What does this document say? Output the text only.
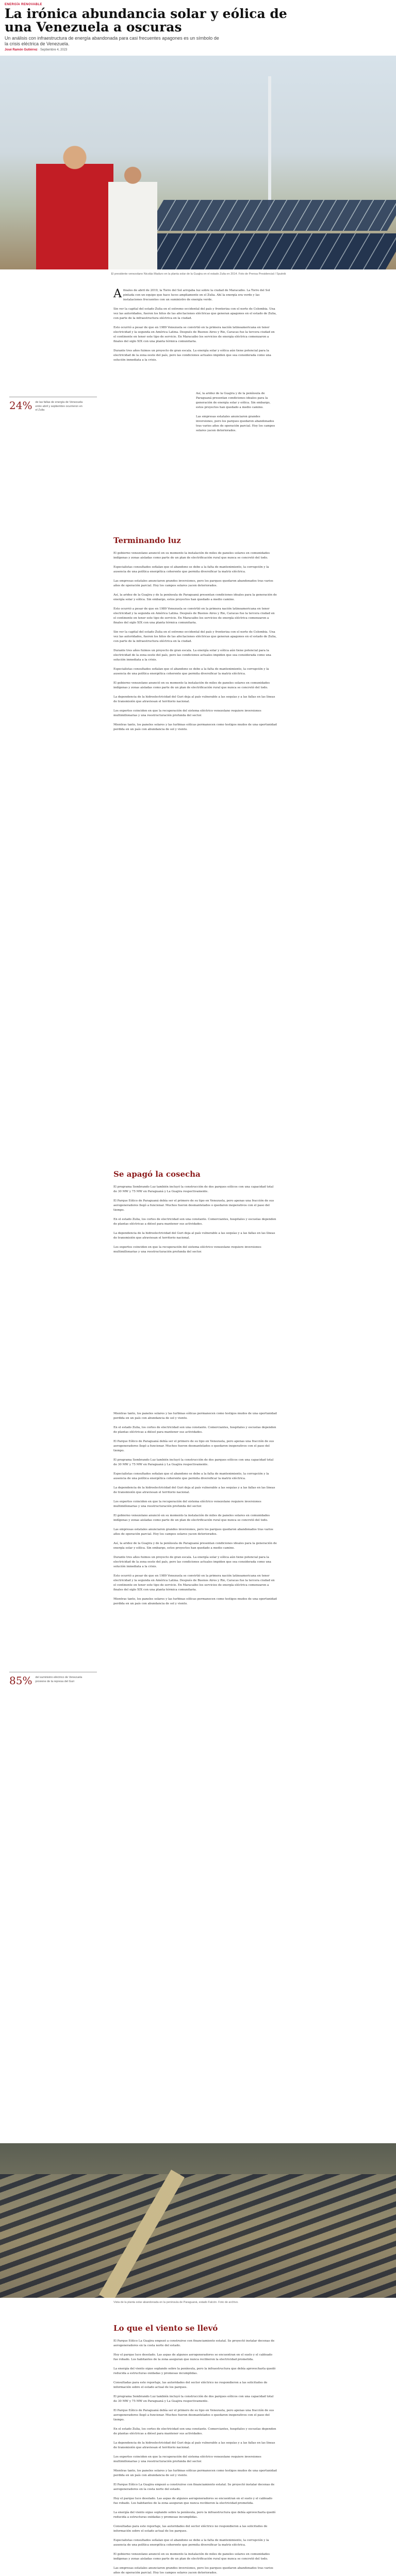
ENERGÍA RENOVABLE
La irónica abundancia solar y eólica de una Venezuela a oscuras
Un análisis con infraestructura de energía abandonada para casi frecuentes apagones es un símbolo de la crisis eléctrica de Venezuela.
José Ramón Gutiérrez · Septiembre 4, 2023
El presidente venezolano Nicolás Maduro en la planta solar de la Guajira en el estado Zulia en 2014. Foto de Prensa Presidencial / Sputnik

Afinales de abril de 2019, la Torre del Sol arrojaba luz sobre la ciudad de Maracaibo. La Torre del Sol pintada con un equipo que hace luces ampliamente en el Zulia. Ahí la energía era verde y las instalaciones frecuentes con un suministro de energía verde.

Sin ver la capital del estado Zulia en el extremo occidental del país y fronteriza con el norte de Colombia. Una vez las autoridades, fueron los hitos de las afectaciones eléctricas que generan apagones en el estado de Zulia, con parte de la infraestructura eléctrica en la ciudad.

Esto ocurrió a pesar de que en 1989 Venezuela se convirtió en la primera nación latinoamericana en tener electricidad y la segunda en América Latina. Después de Buenos Aires y Rio, Caracas fue la tercera ciudad en el continente en tener este tipo de servicio. En Maracaibo los servicios de energía eléctrica comenzaron a finales del siglo XIX con una planta térmica comunitaria.

Durante tres años fuimos un proyecto de gran escala. La energía solar y eólica aún tiene potencial para la electricidad de la zona oeste del país, pero las condiciones actuales impiden que sea considerada como una solución inmediata a la crisis.

24% de las fallas de energía de Venezuela entre abril y septiembre ocurrieron en el Zulia

Así, la aridez de la Guajira y de la península de Paraguaná presentan condiciones ideales para la generación de energía solar y eólica. Sin embargo, estos proyectos han quedado a medio camino.

Las empresas estatales anunciaron grandes inversiones, pero los parques quedaron abandonados tras varios años de operación parcial. Hoy los campos solares yacen deteriorados.

Terminando luz

El gobierno venezolano anunció en su momento la instalación de miles de paneles solares en comunidades indígenas y zonas aisladas como parte de un plan de electrificación rural que nunca se concretó del todo.

Especialistas consultados señalan que el abandono se debe a la falta de mantenimiento, la corrupción y la ausencia de una política energética coherente que permita diversificar la matriz eléctrica.

Las empresas estatales anunciaron grandes inversiones, pero los parques quedaron abandonados tras varios años de operación parcial. Hoy los campos solares yacen deteriorados.

Así, la aridez de la Guajira y de la península de Paraguaná presentan condiciones ideales para la generación de energía solar y eólica. Sin embargo, estos proyectos han quedado a medio camino.

Esto ocurrió a pesar de que en 1989 Venezuela se convirtió en la primera nación latinoamericana en tener electricidad y la segunda en América Latina. Después de Buenos Aires y Rio, Caracas fue la tercera ciudad en el continente en tener este tipo de servicio. En Maracaibo los servicios de energía eléctrica comenzaron a finales del siglo XIX con una planta térmica comunitaria.

Sin ver la capital del estado Zulia en el extremo occidental del país y fronteriza con el norte de Colombia. Una vez las autoridades, fueron los hitos de las afectaciones eléctricas que generan apagones en el estado de Zulia, con parte de la infraestructura eléctrica en la ciudad.

Durante tres años fuimos un proyecto de gran escala. La energía solar y eólica aún tiene potencial para la electricidad de la zona oeste del país, pero las condiciones actuales impiden que sea considerada como una solución inmediata a la crisis.

Especialistas consultados señalan que el abandono se debe a la falta de mantenimiento, la corrupción y la ausencia de una política energética coherente que permita diversificar la matriz eléctrica.

El gobierno venezolano anunció en su momento la instalación de miles de paneles solares en comunidades indígenas y zonas aisladas como parte de un plan de electrificación rural que nunca se concretó del todo.

La dependencia de la hidroelectricidad del Guri deja al país vulnerable a las sequías y a las fallas en las líneas de transmisión que atraviesan el territorio nacional.

Los expertos coinciden en que la recuperación del sistema eléctrico venezolano requiere inversiones multimillonarias y una reestructuración profunda del sector.

Mientras tanto, los paneles solares y las turbinas eólicas permanecen como testigos mudos de una oportunidad perdida en un país con abundancia de sol y viento.

Se apagó la cosecha

El programa Sembrando Luz también incluyó la construcción de dos parques eólicos con una capacidad total de 30 MW y 75 MW en Paraguaná y La Guajira respectivamente.

El Parque Eólico de Paraguaná debía ser el primero de su tipo en Venezuela, pero apenas una fracción de sus aerogeneradores llegó a funcionar. Muchos fueron desmantelados o quedaron inoperativos con el paso del tiempo.

En el estado Zulia, los cortes de electricidad son una constante. Comerciantes, hospitales y escuelas dependen de plantas eléctricas a diésel para mantener sus actividades.

La dependencia de la hidroelectricidad del Guri deja al país vulnerable a las sequías y a las fallas en las líneas de transmisión que atraviesan el territorio nacional.

Los expertos coinciden en que la recuperación del sistema eléctrico venezolano requiere inversiones multimillonarias y una reestructuración profunda del sector.

85% del suministro eléctrico de Venezuela proviene de la represa del Guri

Mientras tanto, los paneles solares y las turbinas eólicas permanecen como testigos mudos de una oportunidad perdida en un país con abundancia de sol y viento.

En el estado Zulia, los cortes de electricidad son una constante. Comerciantes, hospitales y escuelas dependen de plantas eléctricas a diésel para mantener sus actividades.

El Parque Eólico de Paraguaná debía ser el primero de su tipo en Venezuela, pero apenas una fracción de sus aerogeneradores llegó a funcionar. Muchos fueron desmantelados o quedaron inoperativos con el paso del tiempo.

El programa Sembrando Luz también incluyó la construcción de dos parques eólicos con una capacidad total de 30 MW y 75 MW en Paraguaná y La Guajira respectivamente.

Especialistas consultados señalan que el abandono se debe a la falta de mantenimiento, la corrupción y la ausencia de una política energética coherente que permita diversificar la matriz eléctrica.

La dependencia de la hidroelectricidad del Guri deja al país vulnerable a las sequías y a las fallas en las líneas de transmisión que atraviesan el territorio nacional.

Los expertos coinciden en que la recuperación del sistema eléctrico venezolano requiere inversiones multimillonarias y una reestructuración profunda del sector.

El gobierno venezolano anunció en su momento la instalación de miles de paneles solares en comunidades indígenas y zonas aisladas como parte de un plan de electrificación rural que nunca se concretó del todo.

Las empresas estatales anunciaron grandes inversiones, pero los parques quedaron abandonados tras varios años de operación parcial. Hoy los campos solares yacen deteriorados.

Así, la aridez de la Guajira y de la península de Paraguaná presentan condiciones ideales para la generación de energía solar y eólica. Sin embargo, estos proyectos han quedado a medio camino.

Durante tres años fuimos un proyecto de gran escala. La energía solar y eólica aún tiene potencial para la electricidad de la zona oeste del país, pero las condiciones actuales impiden que sea considerada como una solución inmediata a la crisis.

Esto ocurrió a pesar de que en 1989 Venezuela se convirtió en la primera nación latinoamericana en tener electricidad y la segunda en América Latina. Después de Buenos Aires y Rio, Caracas fue la tercera ciudad en el continente en tener este tipo de servicio. En Maracaibo los servicios de energía eléctrica comenzaron a finales del siglo XIX con una planta térmica comunitaria.

Mientras tanto, los paneles solares y las turbinas eólicas permanecen como testigos mudos de una oportunidad perdida en un país con abundancia de sol y viento.

Vista de la planta solar abandonada en la península de Paraguaná, estado Falcón. Foto de archivo.
Lo que el viento se llevó

El Parque Eólico La Guajira empezó a construirse con financiamiento estatal. Se proyectó instalar decenas de aerogeneradores en la costa norte del estado.

Hoy el parque luce desolado. Las aspas de algunos aerogeneradores se encuentran en el suelo y el cableado fue robado. Los habitantes de la zona aseguran que nunca recibieron la electricidad prometida.

La energía del viento sigue soplando sobre la península, pero la infraestructura que debía aprovecharla quedó reducida a estructuras oxidadas y promesas incumplidas.

Consultadas para este reportaje, las autoridades del sector eléctrico no respondieron a las solicitudes de información sobre el estado actual de los parques.

El programa Sembrando Luz también incluyó la construcción de dos parques eólicos con una capacidad total de 30 MW y 75 MW en Paraguaná y La Guajira respectivamente.

El Parque Eólico de Paraguaná debía ser el primero de su tipo en Venezuela, pero apenas una fracción de sus aerogeneradores llegó a funcionar. Muchos fueron desmantelados o quedaron inoperativos con el paso del tiempo.

En el estado Zulia, los cortes de electricidad son una constante. Comerciantes, hospitales y escuelas dependen de plantas eléctricas a diésel para mantener sus actividades.

La dependencia de la hidroelectricidad del Guri deja al país vulnerable a las sequías y a las fallas en las líneas de transmisión que atraviesan el territorio nacional.

Los expertos coinciden en que la recuperación del sistema eléctrico venezolano requiere inversiones multimillonarias y una reestructuración profunda del sector.

Mientras tanto, los paneles solares y las turbinas eólicas permanecen como testigos mudos de una oportunidad perdida en un país con abundancia de sol y viento.

El Parque Eólico La Guajira empezó a construirse con financiamiento estatal. Se proyectó instalar decenas de aerogeneradores en la costa norte del estado.

Hoy el parque luce desolado. Las aspas de algunos aerogeneradores se encuentran en el suelo y el cableado fue robado. Los habitantes de la zona aseguran que nunca recibieron la electricidad prometida.

La energía del viento sigue soplando sobre la península, pero la infraestructura que debía aprovecharla quedó reducida a estructuras oxidadas y promesas incumplidas.

Consultadas para este reportaje, las autoridades del sector eléctrico no respondieron a las solicitudes de información sobre el estado actual de los parques.

Especialistas consultados señalan que el abandono se debe a la falta de mantenimiento, la corrupción y la ausencia de una política energética coherente que permita diversificar la matriz eléctrica.

El gobierno venezolano anunció en su momento la instalación de miles de paneles solares en comunidades indígenas y zonas aisladas como parte de un plan de electrificación rural que nunca se concretó del todo.

Las empresas estatales anunciaron grandes inversiones, pero los parques quedaron abandonados tras varios años de operación parcial. Hoy los campos solares yacen deteriorados.
